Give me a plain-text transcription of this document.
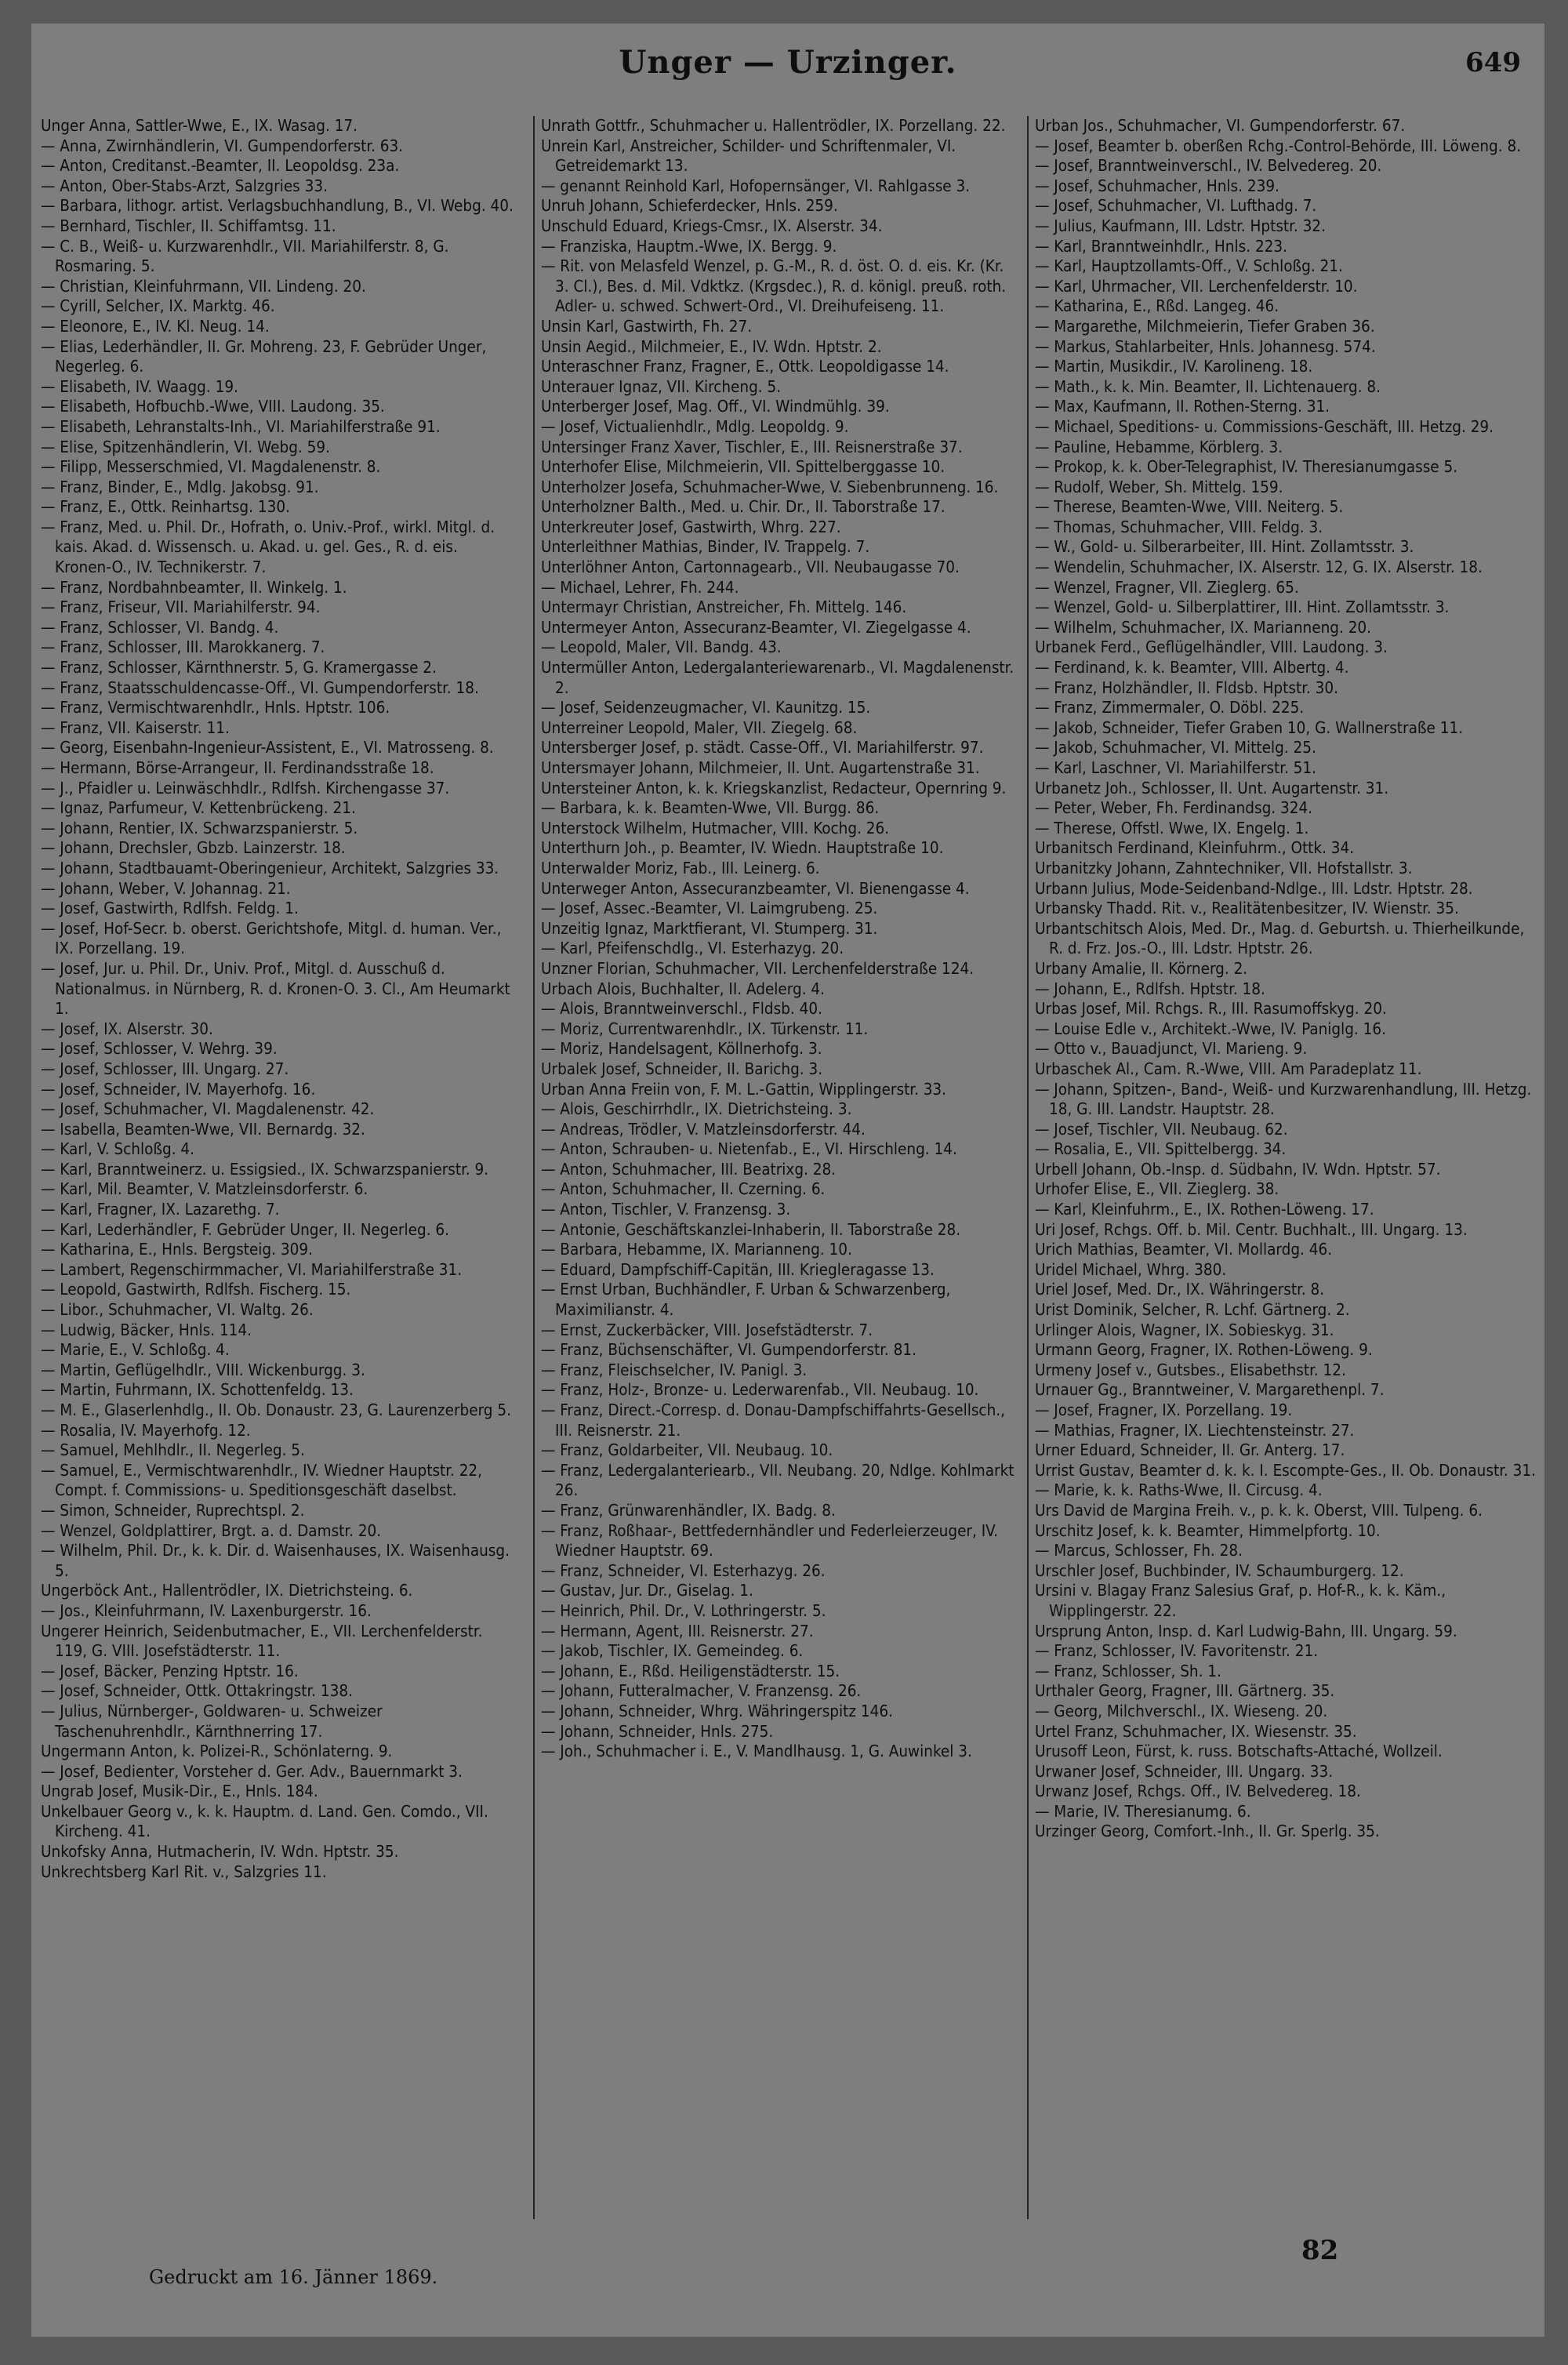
Unger — Urzinger.	649

Unger Anna, Sattler-Wwe, E., IX. Wasag. 17.

— Anna, Zwirnhändlerin, VI. Gumpendorferstr. 63.

— Anton, Creditanst.-Beamter, II. Leopoldsg. 23a.

— Anton, Ober-Stabs-Arzt, Salzgries 33.

— Barbara, lithogr. artist. Verlagsbuchhandlung, B., VI. Webg. 40.

— Bernhard, Tischler, II. Schiffamtsg. 11.

— C. B., Weiß- u. Kurzwarenhdlr., VII. Mariahilferstr. 8, G. Rosmaring. 5.

— Christian, Kleinfuhrmann, VII. Lindeng. 20.

— Cyrill, Selcher, IX. Marktg. 46.

— Eleonore, E., IV. Kl. Neug. 14.

— Elias, Lederhändler, II. Gr. Mohreng. 23, F. Gebrüder Unger, Negerleg. 6.

— Elisabeth, IV. Waagg. 19.

— Elisabeth, Hofbuchb.-Wwe, VIII. Laudong. 35.

— Elisabeth, Lehranstalts-Inh., VI. Mariahilferstraße 91.

— Elise, Spitzenhändlerin, VI. Webg. 59.

— Filipp, Messerschmied, VI. Magdalenenstr. 8.

— Franz, Binder, E., Mdlg. Jakobsg. 91.

— Franz, E., Ottk. Reinhartsg. 130.

— Franz, Med. u. Phil. Dr., Hofrath, o. Univ.-Prof., wirkl. Mitgl. d. kais. Akad. d. Wissensch. u. Akad. u. gel. Ges., R. d. eis. Kronen-O., IV. Technikerstr. 7.

— Franz, Nordbahnbeamter, II. Winkelg. 1.

— Franz, Friseur, VII. Mariahilferstr. 94.

— Franz, Schlosser, VI. Bandg. 4.

— Franz, Schlosser, III. Marokkanerg. 7.

— Franz, Schlosser, Kärnthnerstr. 5, G. Kramergasse 2.

— Franz, Staatsschuldencasse-Off., VI. Gumpendorferstr. 18.

— Franz, Vermischtwarenhdlr., Hnls. Hptstr. 106.

— Franz, VII. Kaiserstr. 11.

— Georg, Eisenbahn-Ingenieur-Assistent, E., VI. Matrosseng. 8.

— Hermann, Börse-Arrangeur, II. Ferdinandsstraße 18.

— J., Pfaidler u. Leinwäschhdlr., Rdlfsh. Kirchengasse 37.

— Ignaz, Parfumeur, V. Kettenbrückeng. 21.

— Johann, Rentier, IX. Schwarzspanierstr. 5.

— Johann, Drechsler, Gbzb. Lainzerstr. 18.

— Johann, Stadtbauamt-Oberingenieur, Architekt, Salzgries 33.

— Johann, Weber, V. Johannag. 21.

— Josef, Gastwirth, Rdlfsh. Feldg. 1.

— Josef, Hof-Secr. b. oberst. Gerichtshofe, Mitgl. d. human. Ver., IX. Porzellang. 19.

— Josef, Jur. u. Phil. Dr., Univ. Prof., Mitgl. d. Ausschuß d. Nationalmus. in Nürnberg, R. d. Kronen-O. 3. Cl., Am Heumarkt 1.

— Josef, IX. Alserstr. 30.

— Josef, Schlosser, V. Wehrg. 39.

— Josef, Schlosser, III. Ungarg. 27.

— Josef, Schneider, IV. Mayerhofg. 16.

— Josef, Schuhmacher, VI. Magdalenenstr. 42.

— Isabella, Beamten-Wwe, VII. Bernardg. 32.

— Karl, V. Schloßg. 4.

— Karl, Branntweinerz. u. Essigsied., IX. Schwarzspanierstr. 9.

— Karl, Mil. Beamter, V. Matzleinsdorferstr. 6.

— Karl, Fragner, IX. Lazarethg. 7.

— Karl, Lederhändler, F. Gebrüder Unger, II. Negerleg. 6.

— Katharina, E., Hnls. Bergsteig. 309.

— Lambert, Regenschirmmacher, VI. Mariahilferstraße 31.

— Leopold, Gastwirth, Rdlfsh. Fischerg. 15.

— Libor., Schuhmacher, VI. Waltg. 26.

— Ludwig, Bäcker, Hnls. 114.

— Marie, E., V. Schloßg. 4.

— Martin, Geflügelhdlr., VIII. Wickenburgg. 3.

— Martin, Fuhrmann, IX. Schottenfeldg. 13.

— M. E., Glaserlenhdlg., II. Ob. Donaustr. 23, G. Laurenzerberg 5.

— Rosalia, IV. Mayerhofg. 12.

— Samuel, Mehlhdlr., II. Negerleg. 5.

— Samuel, E., Vermischtwarenhdlr., IV. Wiedner Hauptstr. 22, Compt. f. Commissions- u. Speditionsgeschäft daselbst.

— Simon, Schneider, Ruprechtspl. 2.

— Wenzel, Goldplattirer, Brgt. a. d. Damstr. 20.

— Wilhelm, Phil. Dr., k. k. Dir. d. Waisenhauses, IX. Waisenhausg. 5.

Ungerböck Ant., Hallentrödler, IX. Dietrichsteing. 6.

— Jos., Kleinfuhrmann, IV. Laxenburgerstr. 16.

Ungerer Heinrich, Seidenbutmacher, E., VII. Lerchenfelderstr. 119, G. VIII. Josefstädterstr. 11.

— Josef, Bäcker, Penzing Hptstr. 16.

— Josef, Schneider, Ottk. Ottakringstr. 138.

— Julius, Nürnberger-, Goldwaren- u. Schweizer Taschenuhrenhdlr., Kärnthnerring 17.

Ungermann Anton, k. Polizei-R., Schönlaterng. 9.

— Josef, Bedienter, Vorsteher d. Ger. Adv., Bauernmarkt 3.

Ungrab Josef, Musik-Dir., E., Hnls. 184.

Unkelbauer Georg v., k. k. Hauptm. d. Land. Gen. Comdo., VII. Kircheng. 41.

Unkofsky Anna, Hutmacherin, IV. Wdn. Hptstr. 35.

Unkrechtsberg Karl Rit. v., Salzgries 11.

Unrath Gottfr., Schuhmacher u. Hallentrödler, IX. Porzellang. 22.

Unrein Karl, Anstreicher, Schilder- und Schriftenmaler, VI. Getreidemarkt 13.

— genannt Reinhold Karl, Hofopernsänger, VI. Rahlgasse 3.

Unruh Johann, Schieferdecker, Hnls. 259.

Unschuld Eduard, Kriegs-Cmsr., IX. Alserstr. 34.

— Franziska, Hauptm.-Wwe, IX. Bergg. 9.

— Rit. von Melasfeld Wenzel, p. G.-M., R. d. öst. O. d. eis. Kr. (Kr. 3. Cl.), Bes. d. Mil. Vdktkz. (Krgsdec.), R. d. königl. preuß. roth. Adler- u. schwed. Schwert-Ord., VI. Dreihufeiseng. 11.

Unsin Karl, Gastwirth, Fh. 27.

Unsin Aegid., Milchmeier, E., IV. Wdn. Hptstr. 2.

Unteraschner Franz, Fragner, E., Ottk. Leopoldigasse 14.

Unterauer Ignaz, VII. Kircheng. 5.

Unterberger Josef, Mag. Off., VI. Windmühlg. 39.

— Josef, Victualienhdlr., Mdlg. Leopoldg. 9.

Untersinger Franz Xaver, Tischler, E., III. Reisnerstraße 37.

Unterhofer Elise, Milchmeierin, VII. Spittelberggasse 10.

Unterholzer Josefa, Schuhmacher-Wwe, V. Siebenbrunneng. 16.

Unterholzner Balth., Med. u. Chir. Dr., II. Taborstraße 17.

Unterkreuter Josef, Gastwirth, Whrg. 227.

Unterleithner Mathias, Binder, IV. Trappelg. 7.

Unterlöhner Anton, Cartonnagearb., VII. Neubaugasse 70.

— Michael, Lehrer, Fh. 244.

Untermayr Christian, Anstreicher, Fh. Mittelg. 146.

Untermeyer Anton, Assecuranz-Beamter, VI. Ziegelgasse 4.

— Leopold, Maler, VII. Bandg. 43.

Untermüller Anton, Ledergalanteriewarenarb., VI. Magdalenenstr. 2.

— Josef, Seidenzeugmacher, VI. Kaunitzg. 15.

Unterreiner Leopold, Maler, VII. Ziegelg. 68.

Untersberger Josef, p. städt. Casse-Off., VI. Mariahilferstr. 97.

Untersmayer Johann, Milchmeier, II. Unt. Augartenstraße 31.

Untersteiner Anton, k. k. Kriegskanzlist, Redacteur, Opernring 9.

— Barbara, k. k. Beamten-Wwe, VII. Burgg. 86.

Unterstock Wilhelm, Hutmacher, VIII. Kochg. 26.

Unterthurn Joh., p. Beamter, IV. Wiedn. Hauptstraße 10.

Unterwalder Moriz, Fab., III. Leinerg. 6.

Unterweger Anton, Assecuranzbeamter, VI. Bienengasse 4.

— Josef, Assec.-Beamter, VI. Laimgrubeng. 25.

Unzeitig Ignaz, Marktfierant, VI. Stumperg. 31.

— Karl, Pfeifenschdlg., VI. Esterhazyg. 20.

Unzner Florian, Schuhmacher, VII. Lerchenfelderstraße 124.

Urbach Alois, Buchhalter, II. Adelerg. 4.

— Alois, Branntweinverschl., Fldsb. 40.

— Moriz, Currentwarenhdlr., IX. Türkenstr. 11.

— Moriz, Handelsagent, Köllnerhofg. 3.

Urbalek Josef, Schneider, II. Barichg. 3.

Urban Anna Freiin von, F. M. L.-Gattin, Wipplingerstr. 33.

— Alois, Geschirrhdlr., IX. Dietrichsteing. 3.

— Andreas, Trödler, V. Matzleinsdorferstr. 44.

— Anton, Schrauben- u. Nietenfab., E., VI. Hirschleng. 14.

— Anton, Schuhmacher, III. Beatrixg. 28.

— Anton, Schuhmacher, II. Czerning. 6.

— Anton, Tischler, V. Franzensg. 3.

— Antonie, Geschäftskanzlei-Inhaberin, II. Taborstraße 28.

— Barbara, Hebamme, IX. Marianneng. 10.

— Eduard, Dampfschiff-Capitän, III. Kriegleragasse 13.

— Ernst Urban, Buchhändler, F. Urban & Schwarzenberg, Maximilianstr. 4.

— Ernst, Zuckerbäcker, VIII. Josefstädterstr. 7.

— Franz, Büchsenschäfter, VI. Gumpendorferstr. 81.

— Franz, Fleischselcher, IV. Panigl. 3.

— Franz, Holz-, Bronze- u. Lederwarenfab., VII. Neubaug. 10.

— Franz, Direct.-Corresp. d. Donau-Dampfschiffahrts-Gesellsch., III. Reisnerstr. 21.

— Franz, Goldarbeiter, VII. Neubaug. 10.

— Franz, Ledergalanteriearb., VII. Neubang. 20, Ndlge. Kohlmarkt 26.

— Franz, Grünwarenhändler, IX. Badg. 8.

— Franz, Roßhaar-, Bettfedernhändler und Federleierzeuger, IV. Wiedner Hauptstr. 69.

— Franz, Schneider, VI. Esterhazyg. 26.

— Gustav, Jur. Dr., Giselag. 1.

— Heinrich, Phil. Dr., V. Lothringerstr. 5.

— Hermann, Agent, III. Reisnerstr. 27.

— Jakob, Tischler, IX. Gemeindeg. 6.

— Johann, E., Rßd. Heiligenstädterstr. 15.

— Johann, Futteralmacher, V. Franzensg. 26.

— Johann, Schneider, Whrg. Währingerspitz 146.

— Johann, Schneider, Hnls. 275.

— Joh., Schuhmacher i. E., V. Mandlhausg. 1, G. Auwinkel 3.

Urban Jos., Schuhmacher, VI. Gumpendorferstr. 67.

— Josef, Beamter b. oberßen Rchg.-Control-Behörde, III. Löweng. 8.

— Josef, Branntweinverschl., IV. Belvedereg. 20.

— Josef, Schuhmacher, Hnls. 239.

— Josef, Schuhmacher, VI. Lufthadg. 7.

— Julius, Kaufmann, III. Ldstr. Hptstr. 32.

— Karl, Branntweinhdlr., Hnls. 223.

— Karl, Hauptzollamts-Off., V. Schloßg. 21.

— Karl, Uhrmacher, VII. Lerchenfelderstr. 10.

— Katharina, E., Rßd. Langeg. 46.

— Margarethe, Milchmeierin, Tiefer Graben 36.

— Markus, Stahlarbeiter, Hnls. Johannesg. 574.

— Martin, Musikdir., IV. Karolineng. 18.

— Math., k. k. Min. Beamter, II. Lichtenauerg. 8.

— Max, Kaufmann, II. Rothen-Sterng. 31.

— Michael, Speditions- u. Commissions-Geschäft, III. Hetzg. 29.

— Pauline, Hebamme, Körblerg. 3.

— Prokop, k. k. Ober-Telegraphist, IV. Theresianumgasse 5.

— Rudolf, Weber, Sh. Mittelg. 159.

— Therese, Beamten-Wwe, VIII. Neiterg. 5.

— Thomas, Schuhmacher, VIII. Feldg. 3.

— W., Gold- u. Silberarbeiter, III. Hint. Zollamtsstr. 3.

— Wendelin, Schuhmacher, IX. Alserstr. 12, G. IX. Alserstr. 18.

— Wenzel, Fragner, VII. Zieglerg. 65.

— Wenzel, Gold- u. Silberplattirer, III. Hint. Zollamtsstr. 3.

— Wilhelm, Schuhmacher, IX. Marianneng. 20.

Urbanek Ferd., Geflügelhändler, VIII. Laudong. 3.

— Ferdinand, k. k. Beamter, VIII. Albertg. 4.

— Franz, Holzhändler, II. Fldsb. Hptstr. 30.

— Franz, Zimmermaler, O. Döbl. 225.

— Jakob, Schneider, Tiefer Graben 10, G. Wallnerstraße 11.

— Jakob, Schuhmacher, VI. Mittelg. 25.

— Karl, Laschner, VI. Mariahilferstr. 51.

Urbanetz Joh., Schlosser, II. Unt. Augartenstr. 31.

— Peter, Weber, Fh. Ferdinandsg. 324.

— Therese, Offstl. Wwe, IX. Engelg. 1.

Urbanitsch Ferdinand, Kleinfuhrm., Ottk. 34.

Urbanitzky Johann, Zahntechniker, VII. Hofstallstr. 3.

Urbann Julius, Mode-Seidenband-Ndlge., III. Ldstr. Hptstr. 28.

Urbansky Thadd. Rit. v., Realitätenbesitzer, IV. Wienstr. 35.

Urbantschitsch Alois, Med. Dr., Mag. d. Geburtsh. u. Thierheilkunde, R. d. Frz. Jos.-O., III. Ldstr. Hptstr. 26.

Urbany Amalie, II. Körnerg. 2.

— Johann, E., Rdlfsh. Hptstr. 18.

Urbas Josef, Mil. Rchgs. R., III. Rasumoffskyg. 20.

— Louise Edle v., Architekt.-Wwe, IV. Paniglg. 16.

— Otto v., Bauadjunct, VI. Marieng. 9.

Urbaschek Al., Cam. R.-Wwe, VIII. Am Paradeplatz 11.

— Johann, Spitzen-, Band-, Weiß- und Kurzwarenhandlung, III. Hetzg. 18, G. III. Landstr. Hauptstr. 28.

— Josef, Tischler, VII. Neubaug. 62.

— Rosalia, E., VII. Spittelbergg. 34.

Urbell Johann, Ob.-Insp. d. Südbahn, IV. Wdn. Hptstr. 57.

Urhofer Elise, E., VII. Zieglerg. 38.

— Karl, Kleinfuhrm., E., IX. Rothen-Löweng. 17.

Uri Josef, Rchgs. Off. b. Mil. Centr. Buchhalt., III. Ungarg. 13.

Urich Mathias, Beamter, VI. Mollardg. 46.

Uridel Michael, Whrg. 380.

Uriel Josef, Med. Dr., IX. Währingerstr. 8.

Urist Dominik, Selcher, R. Lchf. Gärtnerg. 2.

Urlinger Alois, Wagner, IX. Sobieskyg. 31.

Urmann Georg, Fragner, IX. Rothen-Löweng. 9.

Urmeny Josef v., Gutsbes., Elisabethstr. 12.

Urnauer Gg., Branntweiner, V. Margarethenpl. 7.

— Josef, Fragner, IX. Porzellang. 19.

— Mathias, Fragner, IX. Liechtensteinstr. 27.

Urner Eduard, Schneider, II. Gr. Anterg. 17.

Urrist Gustav, Beamter d. k. k. I. Escompte-Ges., II. Ob. Donaustr. 31.

— Marie, k. k. Raths-Wwe, II. Circusg. 4.

Urs David de Margina Freih. v., p. k. k. Oberst, VIII. Tulpeng. 6.

Urschitz Josef, k. k. Beamter, Himmelpfortg. 10.

— Marcus, Schlosser, Fh. 28.

Urschler Josef, Buchbinder, IV. Schaumburgerg. 12.

Ursini v. Blagay Franz Salesius Graf, p. Hof-R., k. k. Käm., Wipplingerstr. 22.

Ursprung Anton, Insp. d. Karl Ludwig-Bahn, III. Ungarg. 59.

— Franz, Schlosser, IV. Favoritenstr. 21.

— Franz, Schlosser, Sh. 1.

Urthaler Georg, Fragner, III. Gärtnerg. 35.

— Georg, Milchverschl., IX. Wieseng. 20.

Urtel Franz, Schuhmacher, IX. Wiesenstr. 35.

Urusoff Leon, Fürst, k. russ. Botschafts-Attaché, Wollzeil.

Urwaner Josef, Schneider, III. Ungarg. 33.

Urwanz Josef, Rchgs. Off., IV. Belvedereg. 18.

— Marie, IV. Theresianumg. 6.

Urzinger Georg, Comfort.-Inh., II. Gr. Sperlg. 35.

Gedruckt am 16. Jänner 1869.
82
